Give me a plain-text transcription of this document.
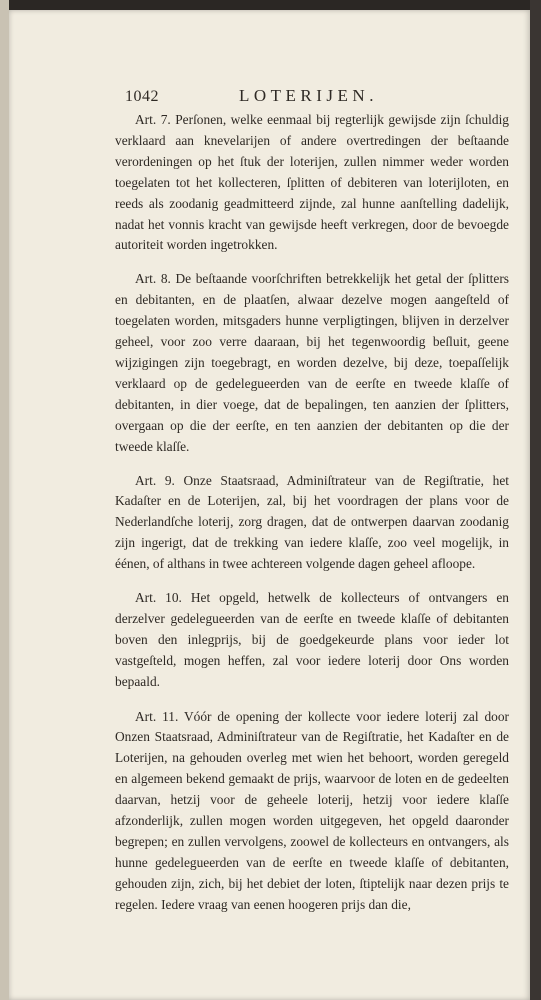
1042	LOTERIJEN.

Art. 7. Perſonen, welke eenmaal bij regterlijk gewijsde zijn ſchuldig verklaard aan knevelarijen of andere overtredingen der beſtaande verordeningen op het ſtuk der loterijen, zullen nimmer weder worden toegelaten tot het kollecteren, ſplitten of debiteren van loterijloten, en reeds als zoodanig geadmitteerd zijnde, zal hunne aanſtelling dadelijk, nadat het vonnis kracht van gewijsde heeft verkregen, door de bevoegde autoriteit worden ingetrokken.

Art. 8. De beſtaande voorſchriften betrekkelijk het getal der ſplitters en debitanten, en de plaatſen, alwaar dezelve mogen aangeſteld of toegelaten worden, mitsgaders hunne verpligtingen, blijven in derzelver geheel, voor zoo verre daaraan, bij het tegenwoordig beſluit, geene wijzigingen zijn toegebragt, en worden dezelve, bij deze, toepaſſelijk verklaard op de gedelegueerden van de eerſte en tweede klaſſe of debitanten, in dier voege, dat de bepalingen, ten aanzien der ſplitters, overgaan op die der eerſte, en ten aanzien der debitanten op die der tweede klaſſe.

Art. 9. Onze Staatsraad, Adminiſtrateur van de Regiſtratie, het Kadaſter en de Loterijen, zal, bij het voordragen der plans voor de Nederlandſche loterij, zorg dragen, dat de ontwerpen daarvan zoodanig zijn ingerigt, dat de trekking van iedere klaſſe, zoo veel mogelijk, in éénen, of althans in twee achtereen volgende dagen geheel afloope.

Art. 10. Het opgeld, hetwelk de kollecteurs of ontvangers en derzelver gedelegueerden van de eerſte en tweede klaſſe of debitanten boven den inlegprijs, bij de goedgekeurde plans voor ieder lot vastgeſteld, mogen heffen, zal voor iedere loterij door Ons worden bepaald.

Art. 11. Vóór de opening der kollecte voor iedere loterij zal door Onzen Staatsraad, Adminiſtrateur van de Regiſtratie, het Kadaſter en de Loterijen, na gehouden overleg met wien het behoort, worden geregeld en algemeen bekend gemaakt de prijs, waarvoor de loten en de gedeelten daarvan, hetzij voor de geheele loterij, hetzij voor iedere klaſſe afzonderlijk, zullen mogen worden uitgegeven, het opgeld daaronder begrepen; en zullen vervolgens, zoowel de kollecteurs en ontvangers, als hunne gedelegueerden van de eerſte en tweede klaſſe of debitanten, gehouden zijn, zich, bij het debiet der loten, ſtiptelijk naar dezen prijs te regelen. Iedere vraag van eenen hoogeren prijs dan die,
